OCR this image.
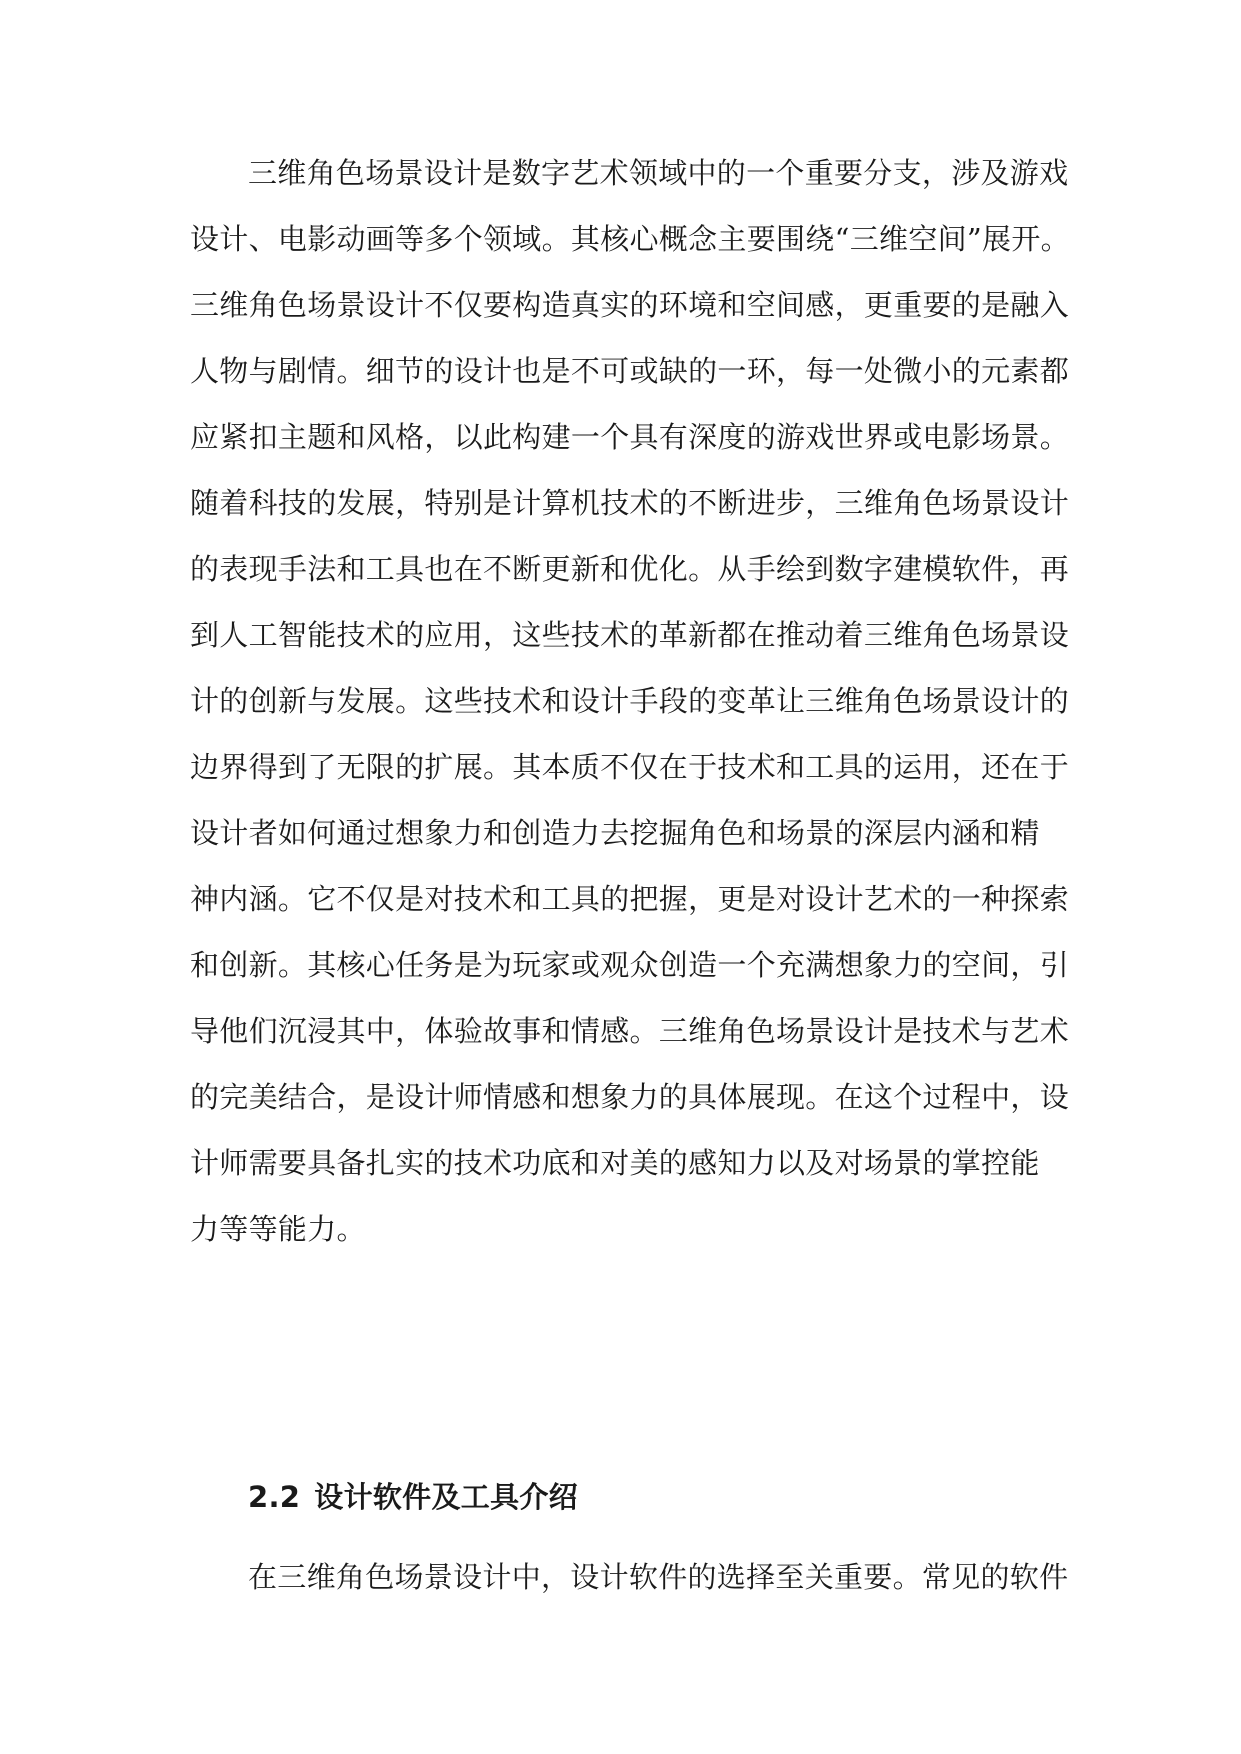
三维角色场景设计是数字艺术领域中的一个重要分支，涉及游戏
设计、电影动画等多个领域。其核心概念主要围绕“三维空间”展开。
三维角色场景设计不仅要构造真实的环境和空间感，更重要的是融入
人物与剧情。细节的设计也是不可或缺的一环，每一处微小的元素都
应紧扣主题和风格，以此构建一个具有深度的游戏世界或电影场景。
随着科技的发展，特别是计算机技术的不断进步，三维角色场景设计
的表现手法和工具也在不断更新和优化。从手绘到数字建模软件，再
到人工智能技术的应用，这些技术的革新都在推动着三维角色场景设
计的创新与发展。这些技术和设计手段的变革让三维角色场景设计的
边界得到了无限的扩展。其本质不仅在于技术和工具的运用，还在于
设计者如何通过想象力和创造力去挖掘角色和场景的深层内涵和精
神内涵。它不仅是对技术和工具的把握，更是对设计艺术的一种探索
和创新。其核心任务是为玩家或观众创造一个充满想象力的空间，引
导他们沉浸其中，体验故事和情感。三维角色场景设计是技术与艺术
的完美结合，是设计师情感和想象力的具体展现。在这个过程中，设
计师需要具备扎实的技术功底和对美的感知力以及对场景的掌控能
力等等能力。
2.2 设计软件及工具介绍

在三维角色场景设计中，设计软件的选择至关重要。常见的软件
